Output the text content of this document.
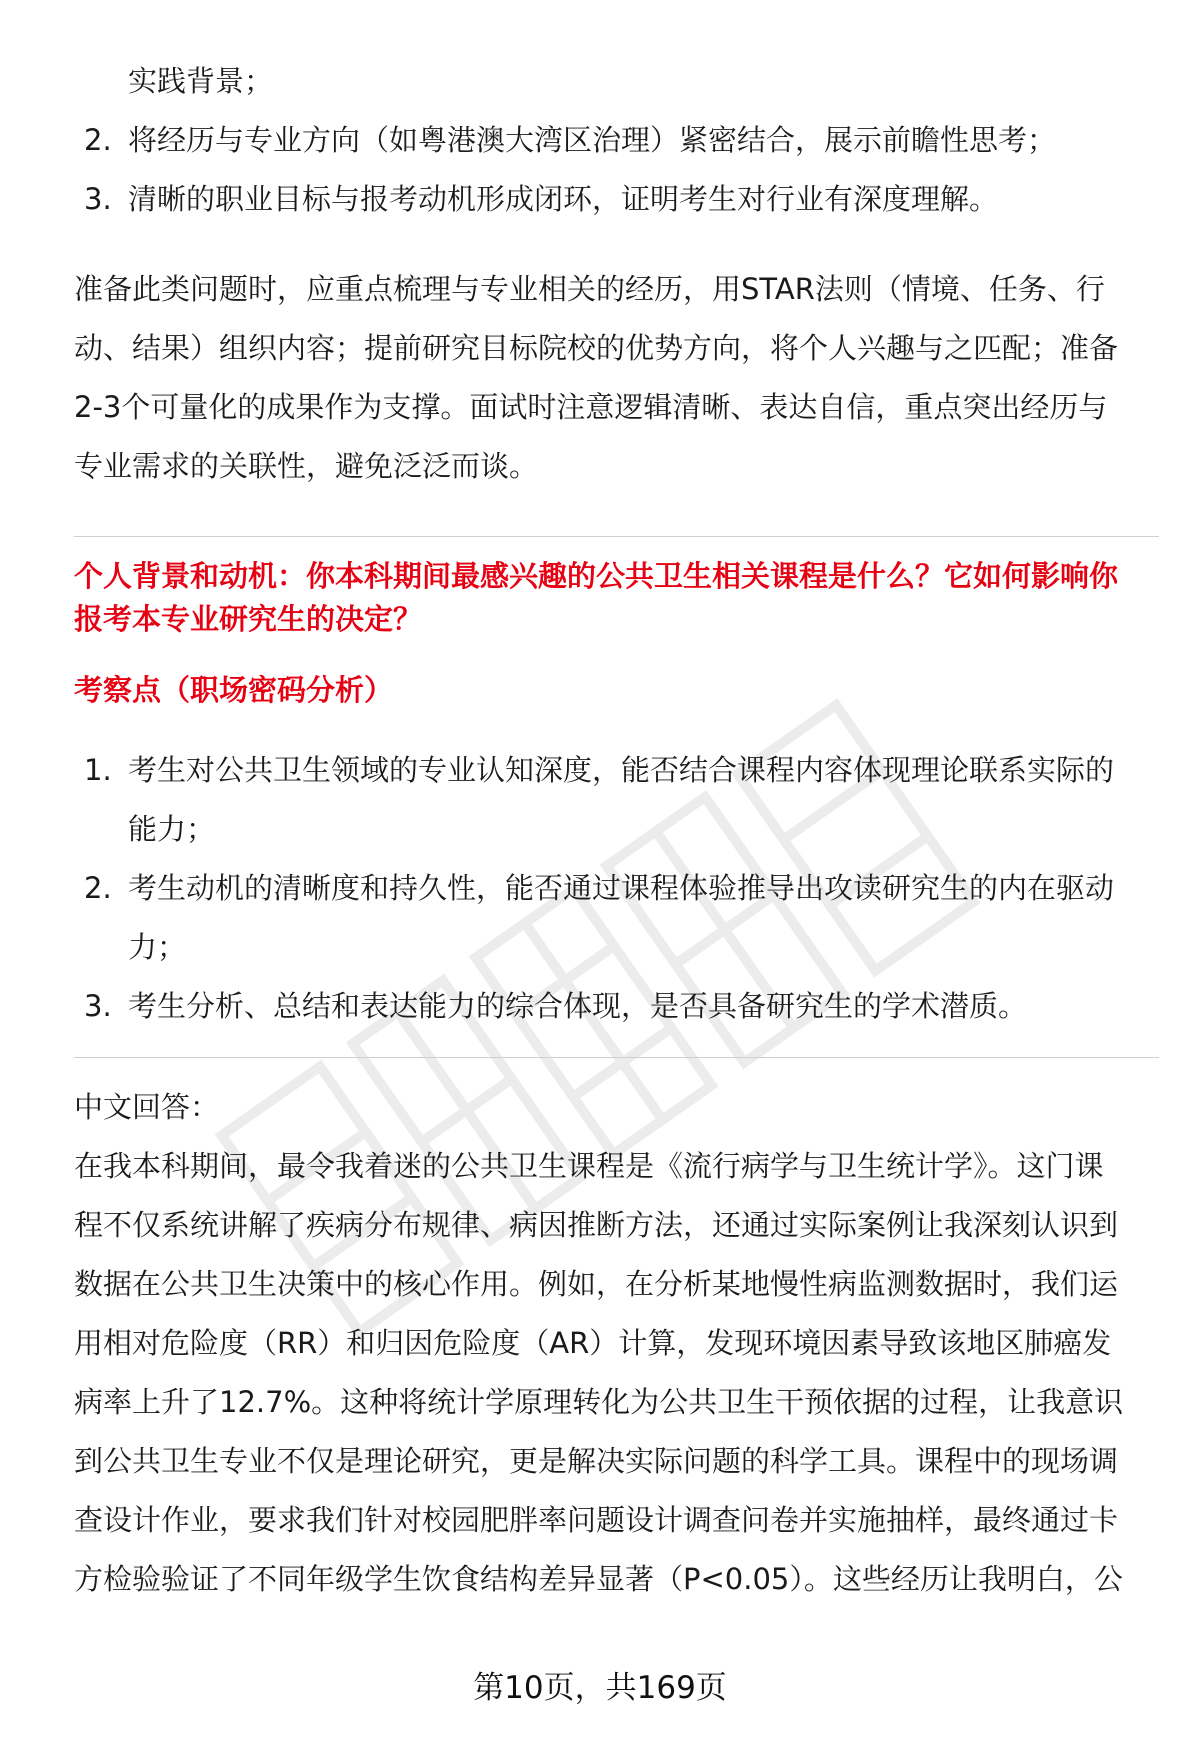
实践背景；

2. 将经历与专业方向（如粤港澳大湾区治理）紧密结合，展示前瞻性思考；
3. 清晰的职业目标与报考动机形成闭环，证明考生对行业有深度理解。

准备此类问题时，应重点梳理与专业相关的经历，用STAR法则（情境、任务、行

动、结果）组织内容；提前研究目标院校的优势方向，将个人兴趣与之匹配；准备

2-3个可量化的成果作为支撑。面试时注意逻辑清晰、表达自信，重点突出经历与

专业需求的关联性，避免泛泛而谈。

个人背景和动机：你本科期间最感兴趣的公共卫生相关课程是什么？它如何影响你

报考本专业研究生的决定？

考察点（职场密码分析）

1. 考生对公共卫生领域的专业认知深度，能否结合课程内容体现理论联系实际的
能力；
2. 考生动机的清晰度和持久性，能否通过课程体验推导出攻读研究生的内在驱动
力；
3. 考生分析、总结和表达能力的综合体现，是否具备研究生的学术潜质。

中文回答：

在我本科期间，最令我着迷的公共卫生课程是《流行病学与卫生统计学》。这门课

程不仅系统讲解了疾病分布规律、病因推断方法，还通过实际案例让我深刻认识到

数据在公共卫生决策中的核心作用。例如，在分析某地慢性病监测数据时，我们运

用相对危险度（RR）和归因危险度（AR）计算，发现环境因素导致该地区肺癌发

病率上升了12.7%。这种将统计学原理转化为公共卫生干预依据的过程，让我意识

到公共卫生专业不仅是理论研究，更是解决实际问题的科学工具。课程中的现场调

查设计作业，要求我们针对校园肥胖率问题设计调查问卷并实施抽样，最终通过卡

方检验验证了不同年级学生饮食结构差异显著（P<0.05）。这些经历让我明白，公

第10页，共169页
